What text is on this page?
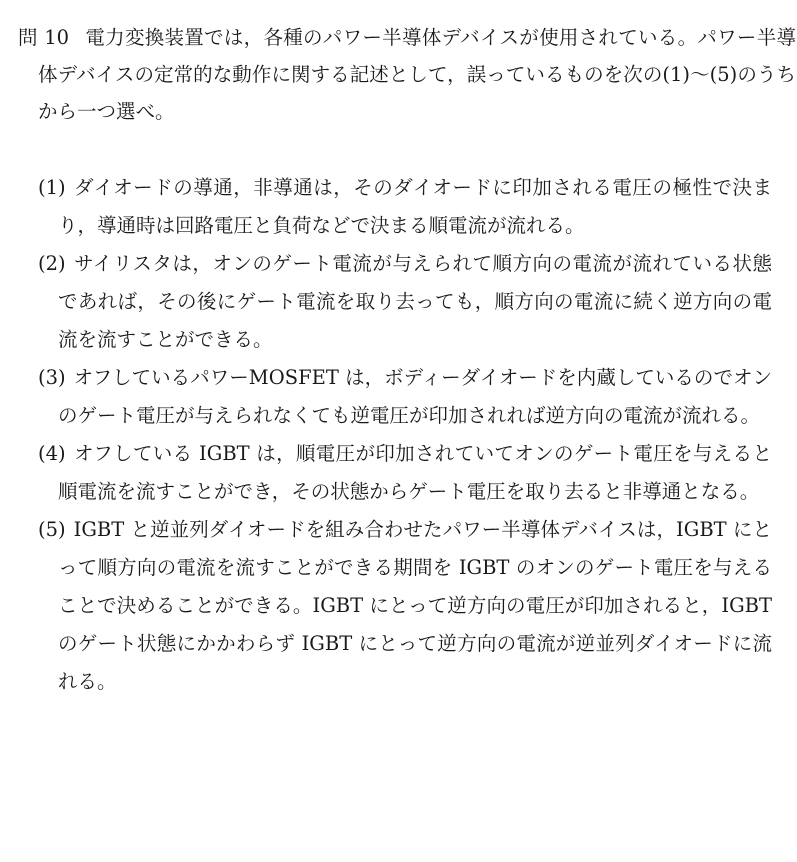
問 10 電力変換装置では，各種のパワー半導体デバイスが使用されている。パワー半導体デバイスの定常的な動作に関する記述として，誤っているものを次の(1)～(5)のうちから一つ選べ。
(1) ダイオードの導通，非導通は，そのダイオードに印加される電圧の極性で決まり，導通時は回路電圧と負荷などで決まる順電流が流れる。
(2) サイリスタは，オンのゲート電流が与えられて順方向の電流が流れている状態であれば，その後にゲート電流を取り去っても，順方向の電流に続く逆方向の電流を流すことができる。
(3) オフしているパワーMOSFET は，ボディーダイオードを内蔵しているのでオンのゲート電圧が与えられなくても逆電圧が印加されれば逆方向の電流が流れる。
(4) オフしている IGBT は，順電圧が印加されていてオンのゲート電圧を与えると順電流を流すことができ，その状態からゲート電圧を取り去ると非導通となる。
(5) IGBT と逆並列ダイオードを組み合わせたパワー半導体デバイスは，IGBT にとって順方向の電流を流すことができる期間を IGBT のオンのゲート電圧を与えることで決めることができる。IGBT にとって逆方向の電圧が印加されると，IGBT のゲート状態にかかわらず IGBT にとって逆方向の電流が逆並列ダイオードに流れる。
